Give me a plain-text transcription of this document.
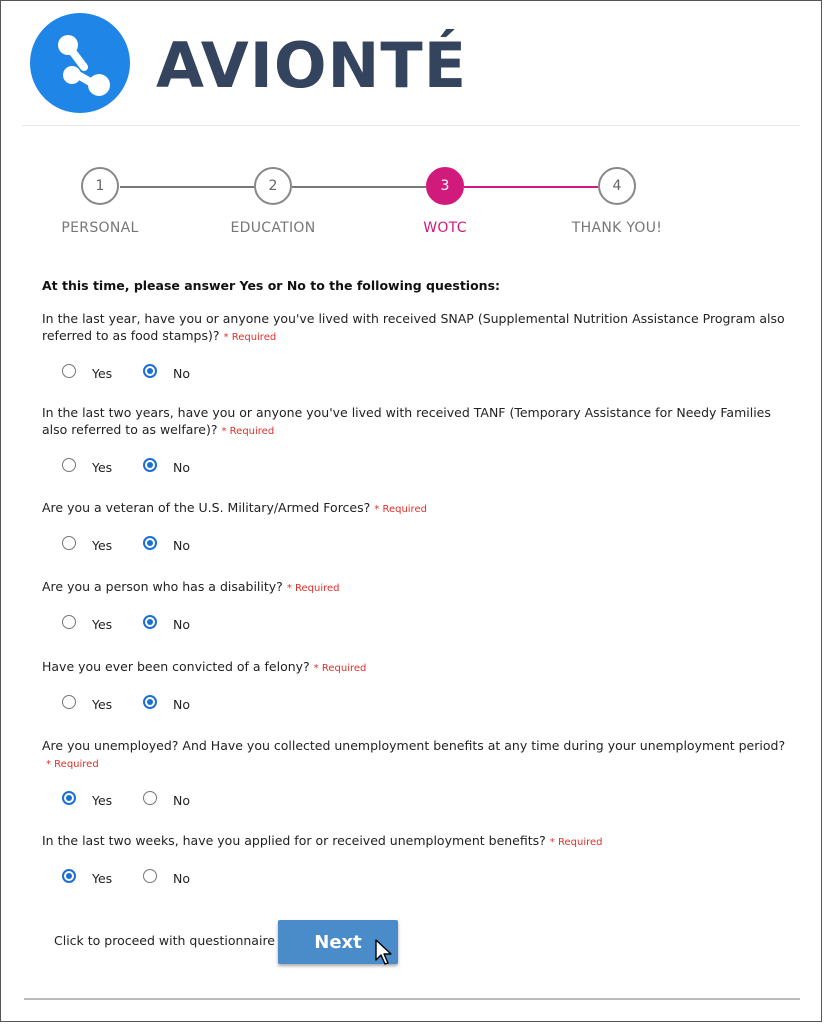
AVIONTÉ
1	2	3	4
PERSONAL	EDUCATION	WOTC	THANK YOU!
At this time, please answer Yes or No to the following questions:
In the last year, have you or anyone you've lived with received SNAP (Supplemental Nutrition Assistance Program also referred to as food stamps)? * Required
Yes	No
In the last two years, have you or anyone you've lived with received TANF (Temporary Assistance for Needy Families also referred to as welfare)? * Required
Yes	No
Are you a veteran of the U.S. Military/Armed Forces? * Required
Yes	No
Are you a person who has a disability? * Required
Yes	No
Have you ever been convicted of a felony? * Required
Yes	No
Are you unemployed? And Have you collected unemployment benefits at any time during your unemployment period?* Required
Yes	No
In the last two weeks, have you applied for or received unemployment benefits? * Required
Yes	No
Click to proceed with questionnaire	Next
